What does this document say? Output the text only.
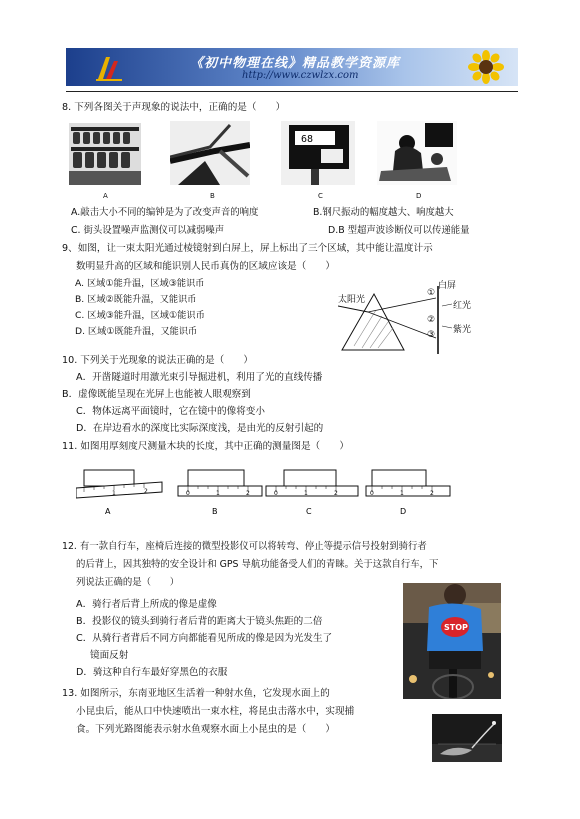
《初中物理在线》精品教学资源库
http://www.czwlzx.com
8. 下列各图关于声现象的说法中，正确的是（　　）
68
A	B	C	D
A.敲击大小不同的编钟是为了改变声音的响度	B.钢尺振动的幅度越大、响度越大
C. 街头设置噪声监测仪可以减弱噪声	D.B 型超声波诊断仪可以传递能量
9、如图，让一束太阳光通过棱镜射到白屏上，屏上标出了三个区域，其中能让温度计示
数明显升高的区域和能识别人民币真伪的区域应该是（　　）
A. 区域①能升温，区域③能识币
B. 区域②既能升温，又能识币
C. 区域③能升温，区域①能识币
D. 区域①既能升温，又能识币
白屏
太阳光
红光
紫光
①
②
③
10. 下列关于光现象的说法正确的是（　　）
A．开凿隧道时用激光束引导掘进机，利用了光的直线传播
B．虚像既能呈现在光屏上也能被人眼观察到
C．物体远离平面镜时，它在镜中的像将变小
D．在岸边看水的深度比实际深度浅，是由光的反射引起的
11. 如图用厚刻度尺测量木块的长度，其中正确的测量图是（　　）
1	2	0	1	2	0	1	2	0	1	2
A	B	C	D
12. 有一款自行车，座椅后连接的微型投影仪可以将转弯、停止等提示信号投射到骑行者
的后背上，因其独特的安全设计和 GPS 导航功能备受人们的青睐。关于这款自行车，下
列说法正确的是（　　）
A．骑行者后背上所成的像是虚像
B．投影仪的镜头到骑行者后背的距离大于镜头焦距的二倍
C．从骑行者背后不同方向都能看见所成的像是因为光发生了
镜面反射
D．骑这种自行车最好穿黑色的衣服
STOP
13. 如图所示，东南亚地区生活着一种射水鱼，它发现水面上的
小昆虫后，能从口中快速喷出一束水柱，将昆虫击落水中，实现捕
食。下列光路图能表示射水鱼观察水面上小昆虫的是（　　）
